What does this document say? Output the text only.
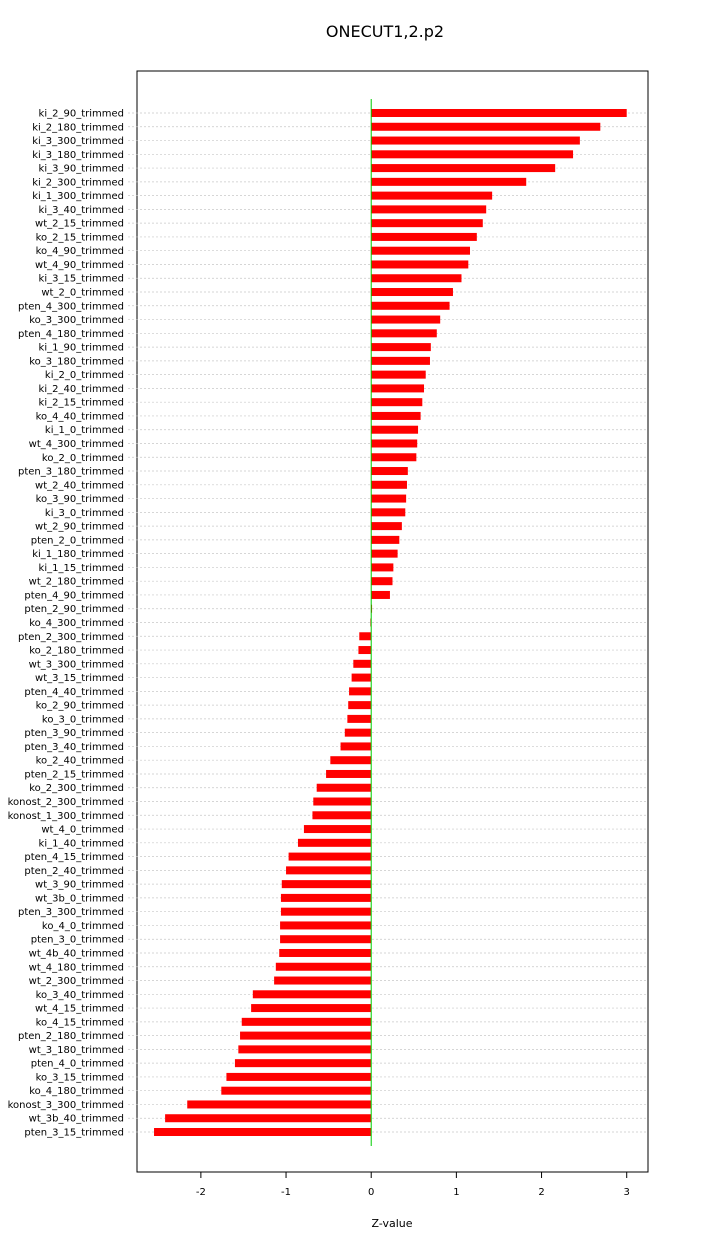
ONECUT1,2.p2
ki_2_90_trimmed
ki_2_180_trimmed
ki_3_300_trimmed
ki_3_180_trimmed
ki_3_90_trimmed
ki_2_300_trimmed
ki_1_300_trimmed
ki_3_40_trimmed
wt_2_15_trimmed
ko_2_15_trimmed
ko_4_90_trimmed
wt_4_90_trimmed
ki_3_15_trimmed
wt_2_0_trimmed
pten_4_300_trimmed
ko_3_300_trimmed
pten_4_180_trimmed
ki_1_90_trimmed
ko_3_180_trimmed
ki_2_0_trimmed
ki_2_40_trimmed
ki_2_15_trimmed
ko_4_40_trimmed
ki_1_0_trimmed
wt_4_300_trimmed
ko_2_0_trimmed
pten_3_180_trimmed
wt_2_40_trimmed
ko_3_90_trimmed
ki_3_0_trimmed
wt_2_90_trimmed
pten_2_0_trimmed
ki_1_180_trimmed
ki_1_15_trimmed
wt_2_180_trimmed
pten_4_90_trimmed
pten_2_90_trimmed
ko_4_300_trimmed
pten_2_300_trimmed
ko_2_180_trimmed
wt_3_300_trimmed
wt_3_15_trimmed
pten_4_40_trimmed
ko_2_90_trimmed
ko_3_0_trimmed
pten_3_90_trimmed
pten_3_40_trimmed
ko_2_40_trimmed
pten_2_15_trimmed
ko_2_300_trimmed
konost_2_300_trimmed
konost_1_300_trimmed
wt_4_0_trimmed
ki_1_40_trimmed
pten_4_15_trimmed
pten_2_40_trimmed
wt_3_90_trimmed
wt_3b_0_trimmed
pten_3_300_trimmed
ko_4_0_trimmed
pten_3_0_trimmed
wt_4b_40_trimmed
wt_4_180_trimmed
wt_2_300_trimmed
ko_3_40_trimmed
wt_4_15_trimmed
ko_4_15_trimmed
pten_2_180_trimmed
wt_3_180_trimmed
pten_4_0_trimmed
ko_3_15_trimmed
ko_4_180_trimmed
konost_3_300_trimmed
wt_3b_40_trimmed
pten_3_15_trimmed
-2	-1	0	1	2	3
Z-value
